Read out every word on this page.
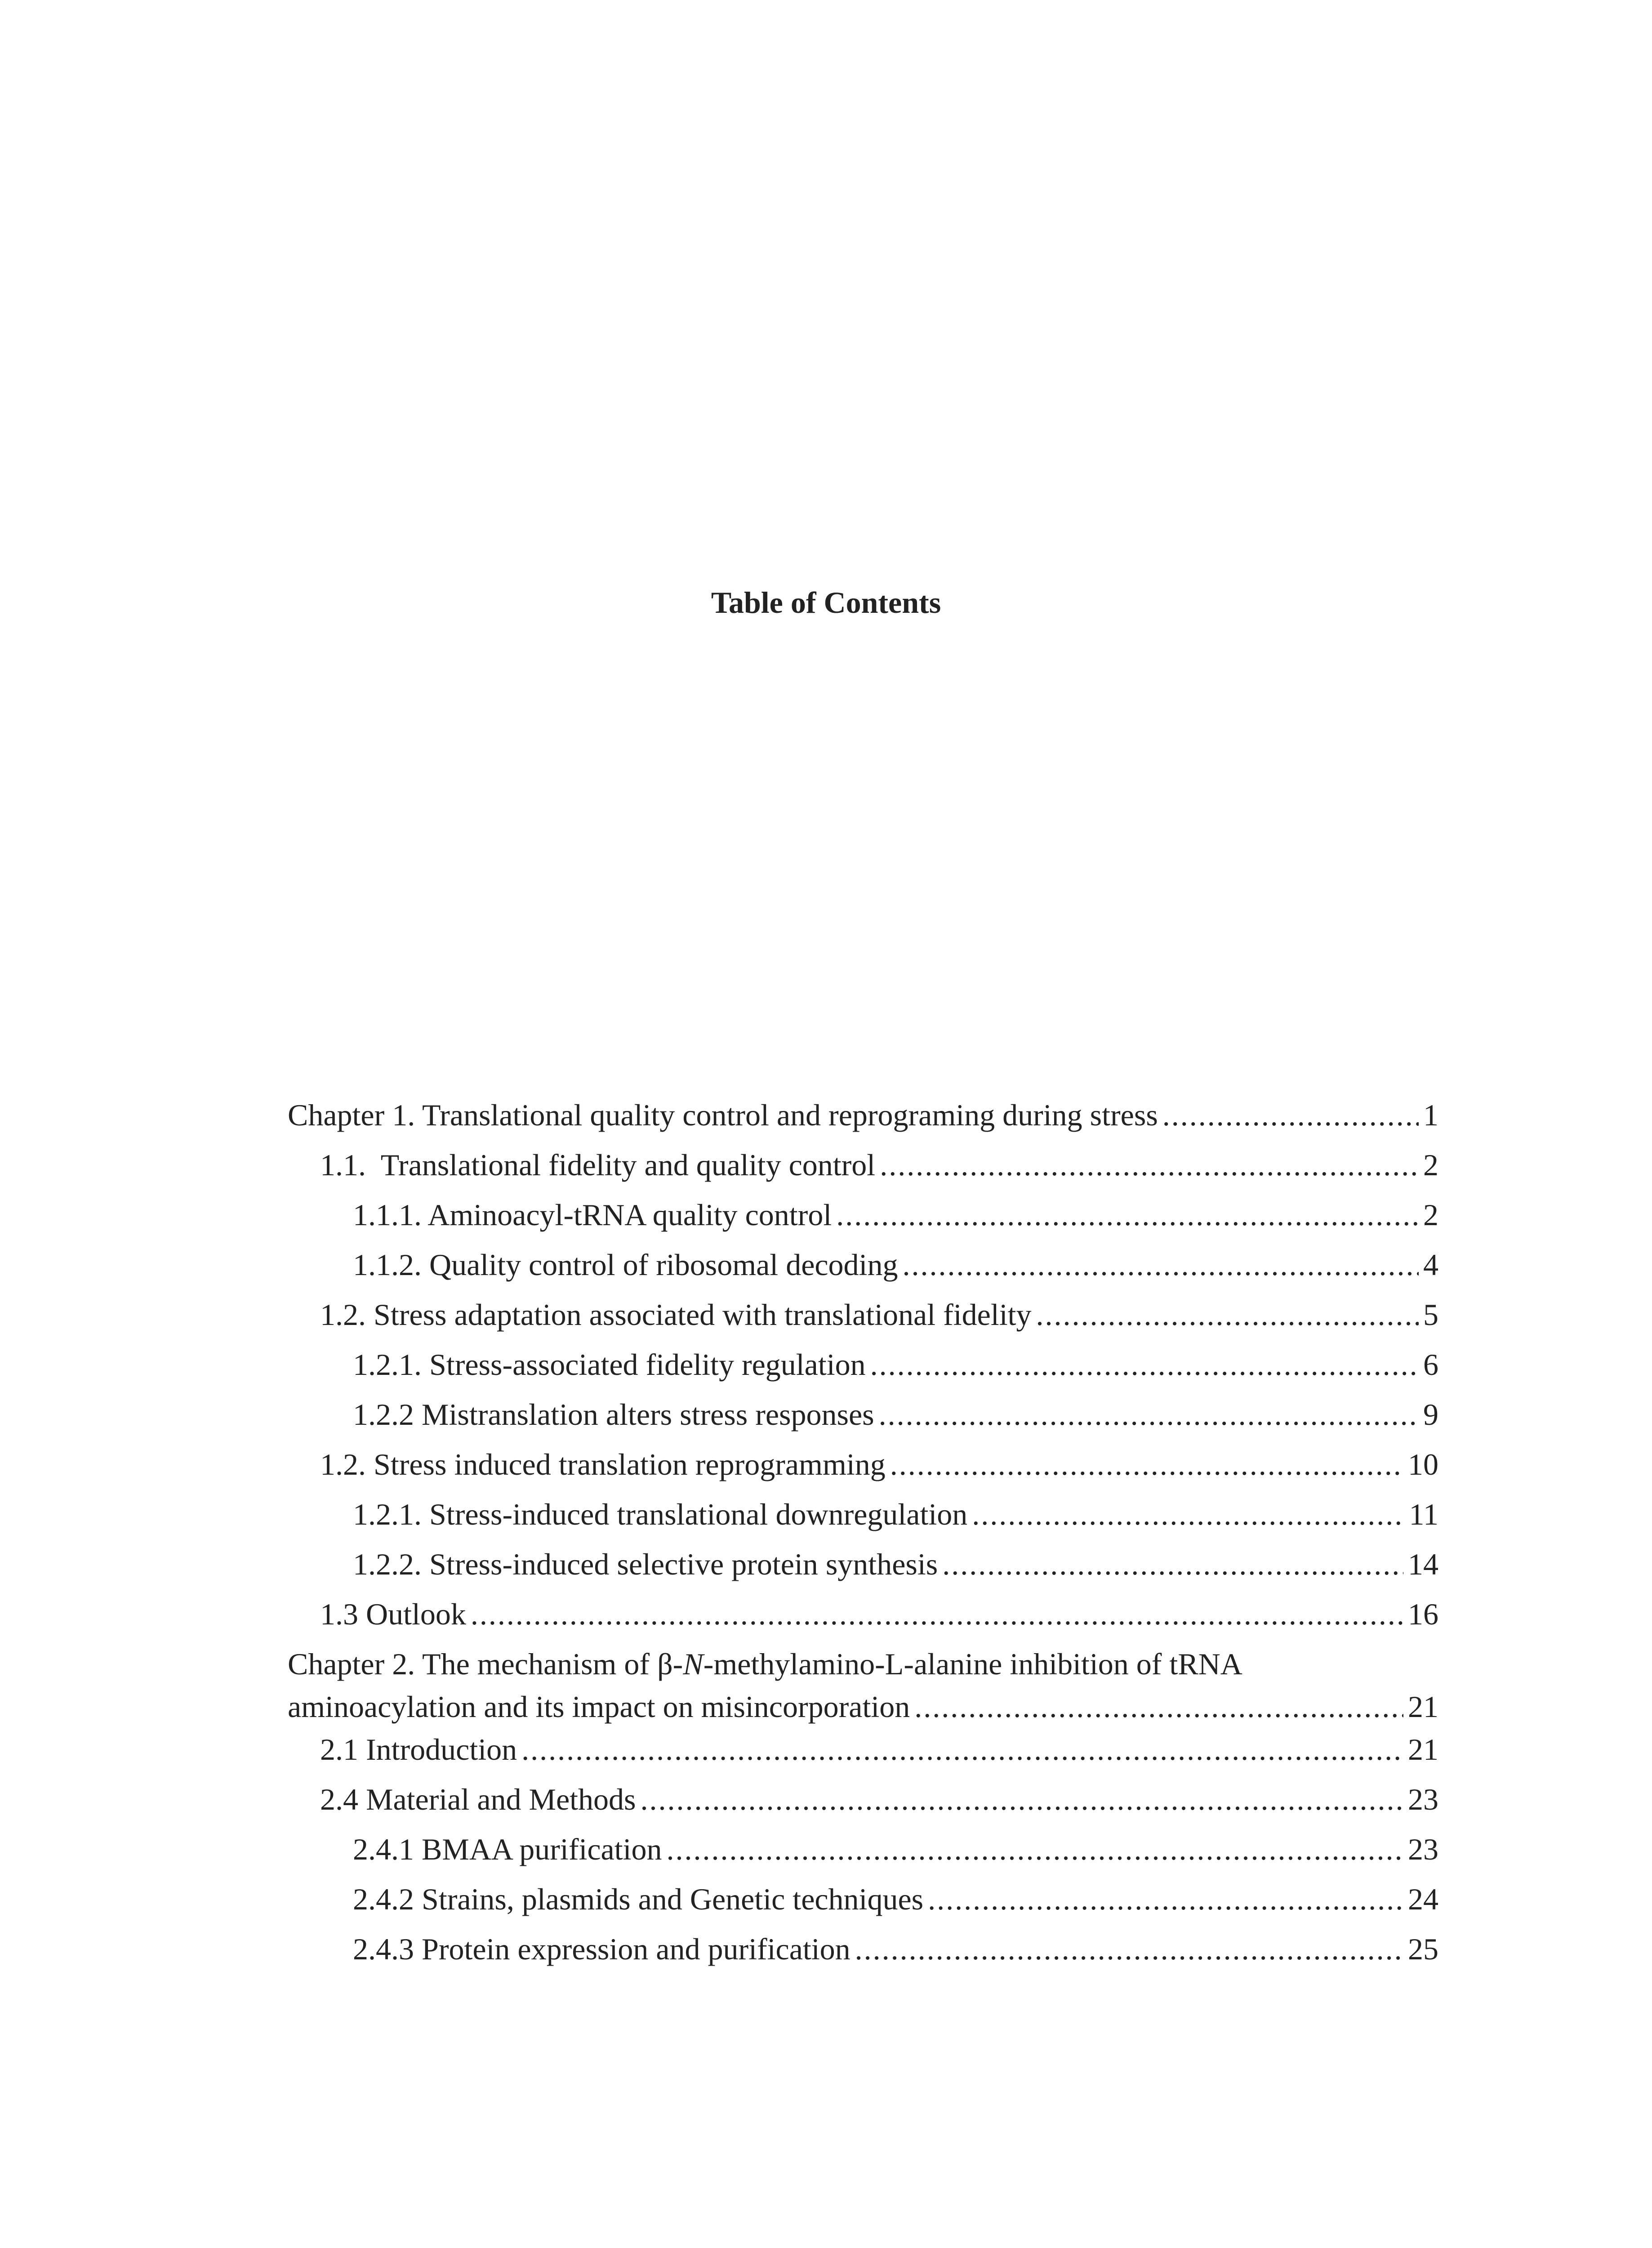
Table of Contents
Chapter 1. Translational quality control and reprograming during stress .....	1
1.1.  Translational fidelity and quality control .....	2
1.1.1. Aminoacyl-tRNA quality control .....	2
1.1.2. Quality control of ribosomal decoding .....	4
1.2. Stress adaptation associated with translational fidelity .....	5
1.2.1. Stress-associated fidelity regulation .....	6
1.2.2 Mistranslation alters stress responses .....	9
1.2. Stress induced translation reprogramming .....	10
1.2.1. Stress-induced translational downregulation .....	11
1.2.2. Stress-induced selective protein synthesis .....	14
1.3 Outlook .....	16
Chapter 2. The mechanism of β-N-methylamino-L-alanine inhibition of tRNA
aminoacylation and its impact on misincorporation .....	21
2.1 Introduction .....	21
2.4 Material and Methods .....	23
2.4.1 BMAA purification .....	23
2.4.2 Strains, plasmids and Genetic techniques .....	24
2.4.3 Protein expression and purification .....	25
